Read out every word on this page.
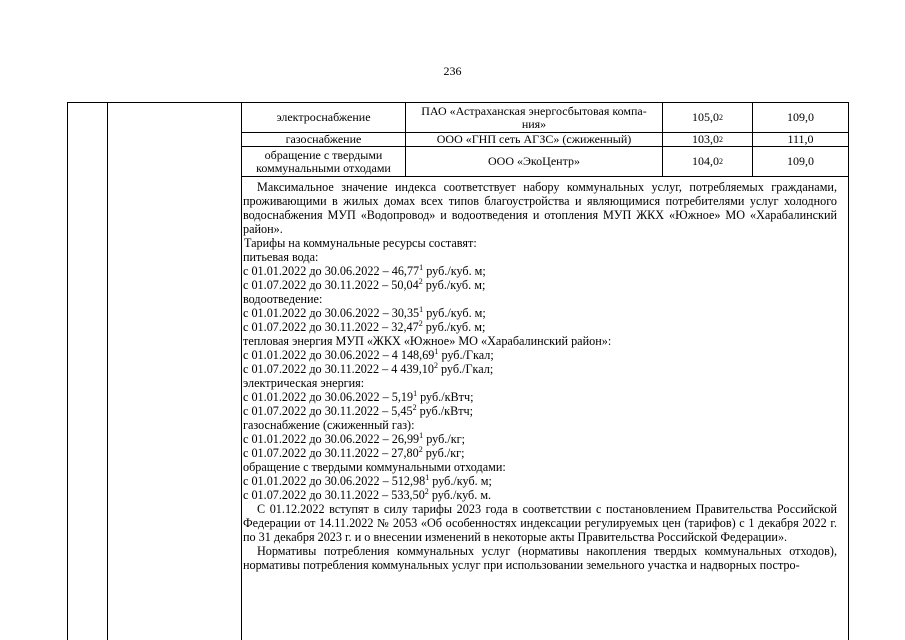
236
электроснабжение	ПАО «Астраханская энергосбытовая компа-
ния»	105,0 2	109,0
газоснабжение	ООО «ГНП сеть АГЗС» (сжиженный)	103,0 2	111,0
обращение с твердыми
коммунальными отходами	ООО «ЭкоЦентр»	104,0 2	109,0

Максимальное значение индекса соответствует набору коммунальных услуг, потребляемых гражданами, проживающими в жилых домах всех типов благоустройства и являющимися потребителями услуг холодного водоснабжения МУП «Водопровод» и водоотведения и отопления МУП ЖКХ «Южное» МО «Харабалинский район».

Тарифы на коммунальные ресурсы составят:

питьевая вода:

с 01.01.2022 до 30.06.2022 – 46,77$^1$ руб./куб. м;

с 01.07.2022 до 30.11.2022 – 50,04$^2$ руб./куб. м;

водоотведение:

с 01.01.2022 до 30.06.2022 – 30,35$^1$ руб./куб. м;

с 01.07.2022 до 30.11.2022 – 32,47$^2$ руб./куб. м;

тепловая энергия МУП «ЖКХ «Южное» МО «Харабалинский район»:

с 01.01.2022 до 30.06.2022 – 4 148,69$^1$ руб./Гкал;

с 01.07.2022 до 30.11.2022 – 4 439,10$^2$ руб./Гкал;

электрическая энергия:

с 01.01.2022 до 30.06.2022 – 5,19$^1$ руб./кВтч;

с 01.07.2022 до 30.11.2022 – 5,45$^2$ руб./кВтч;

газоснабжение (сжиженный газ):

с 01.01.2022 до 30.06.2022 – 26,99$^1$ руб./кг;

с 01.07.2022 до 30.11.2022 – 27,80$^2$ руб./кг;

обращение с твердыми коммунальными отходами:

с 01.01.2022 до 30.06.2022 – 512,98$^1$ руб./куб. м;

с 01.07.2022 до 30.11.2022 – 533,50$^2$ руб./куб. м.

С 01.12.2022 вступят в силу тарифы 2023 года в соответствии с постановлением Правительства Российской Федерации от 14.11.2022 № 2053 «Об особенностях индексации регулируемых цен (тарифов) с 1 декабря 2022 г. по 31 декабря 2023 г. и о внесении изменений в некоторые акты Правительства Российской Федерации».

Нормативы потребления коммунальных услуг (нормативы накопления твердых коммунальных отходов), нормативы потребления коммунальных услуг при использовании земельного участка и надворных постро-
